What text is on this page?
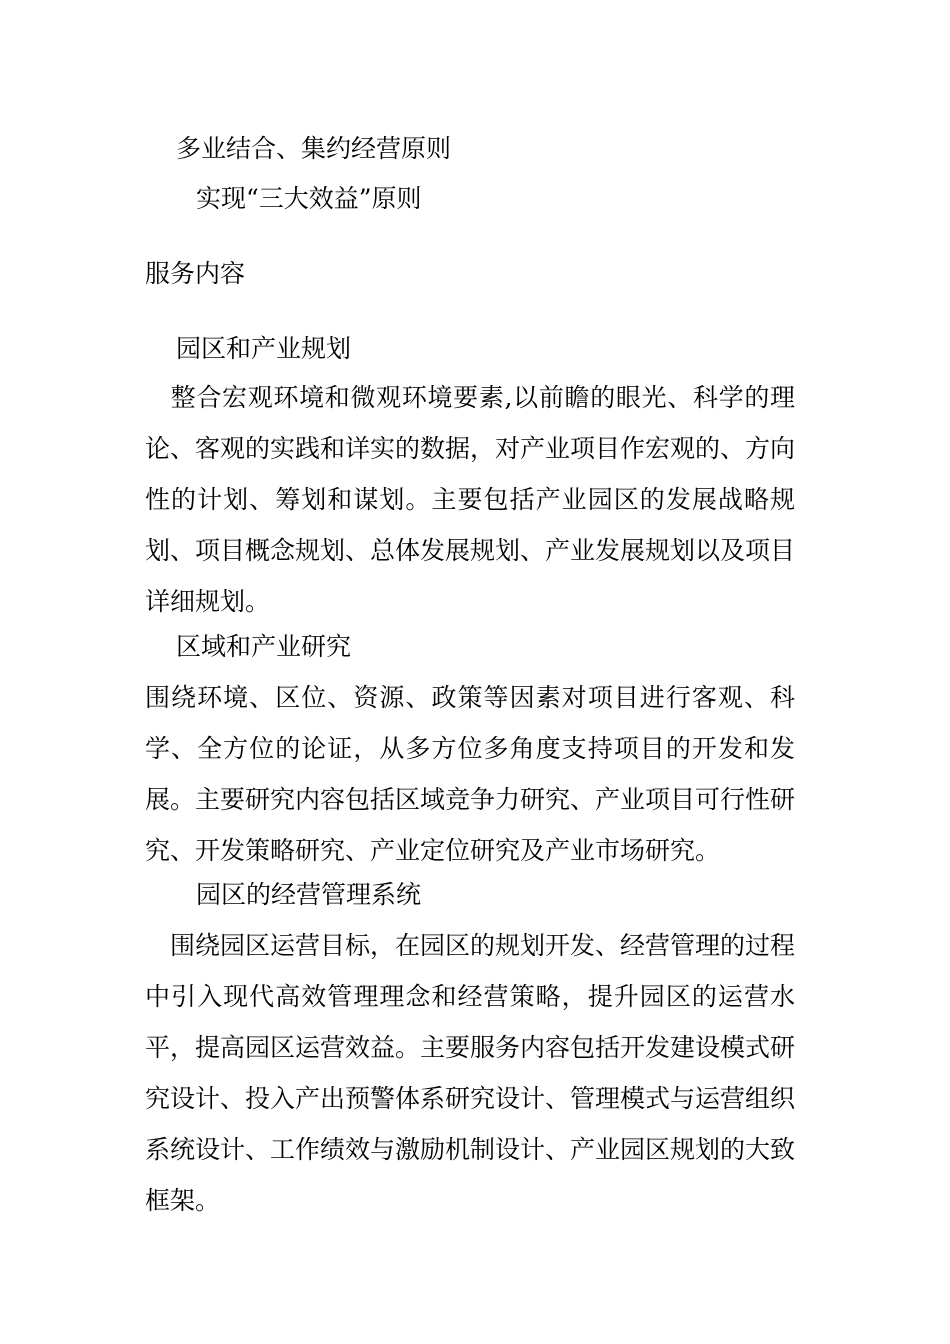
多业结合、集约经营原则
实现“三大效益”原则
服务内容
园区和产业规划

　整合宏观环境和微观环境要素,以前瞻的眼光、科学的理论、客观的实践和详实的数据，对产业项目作宏观的、方向性的计划、筹划和谋划。主要包括产业园区的发展战略规划、项目概念规划、总体发展规划、产业发展规划以及项目详细规划。

区域和产业研究

围绕环境、区位、资源、政策等因素对项目进行客观、科学、全方位的论证，从多方位多角度支持项目的开发和发展。主要研究内容包括区域竞争力研究、产业项目可行性研究、开发策略研究、产业定位研究及产业市场研究。

园区的经营管理系统

　围绕园区运营目标，在园区的规划开发、经营管理的过程中引入现代高效管理理念和经营策略，提升园区的运营水平，提高园区运营效益。主要服务内容包括开发建设模式研究设计、投入产出预警体系研究设计、管理模式与运营组织系统设计、工作绩效与激励机制设计、产业园区规划的大致框架。
